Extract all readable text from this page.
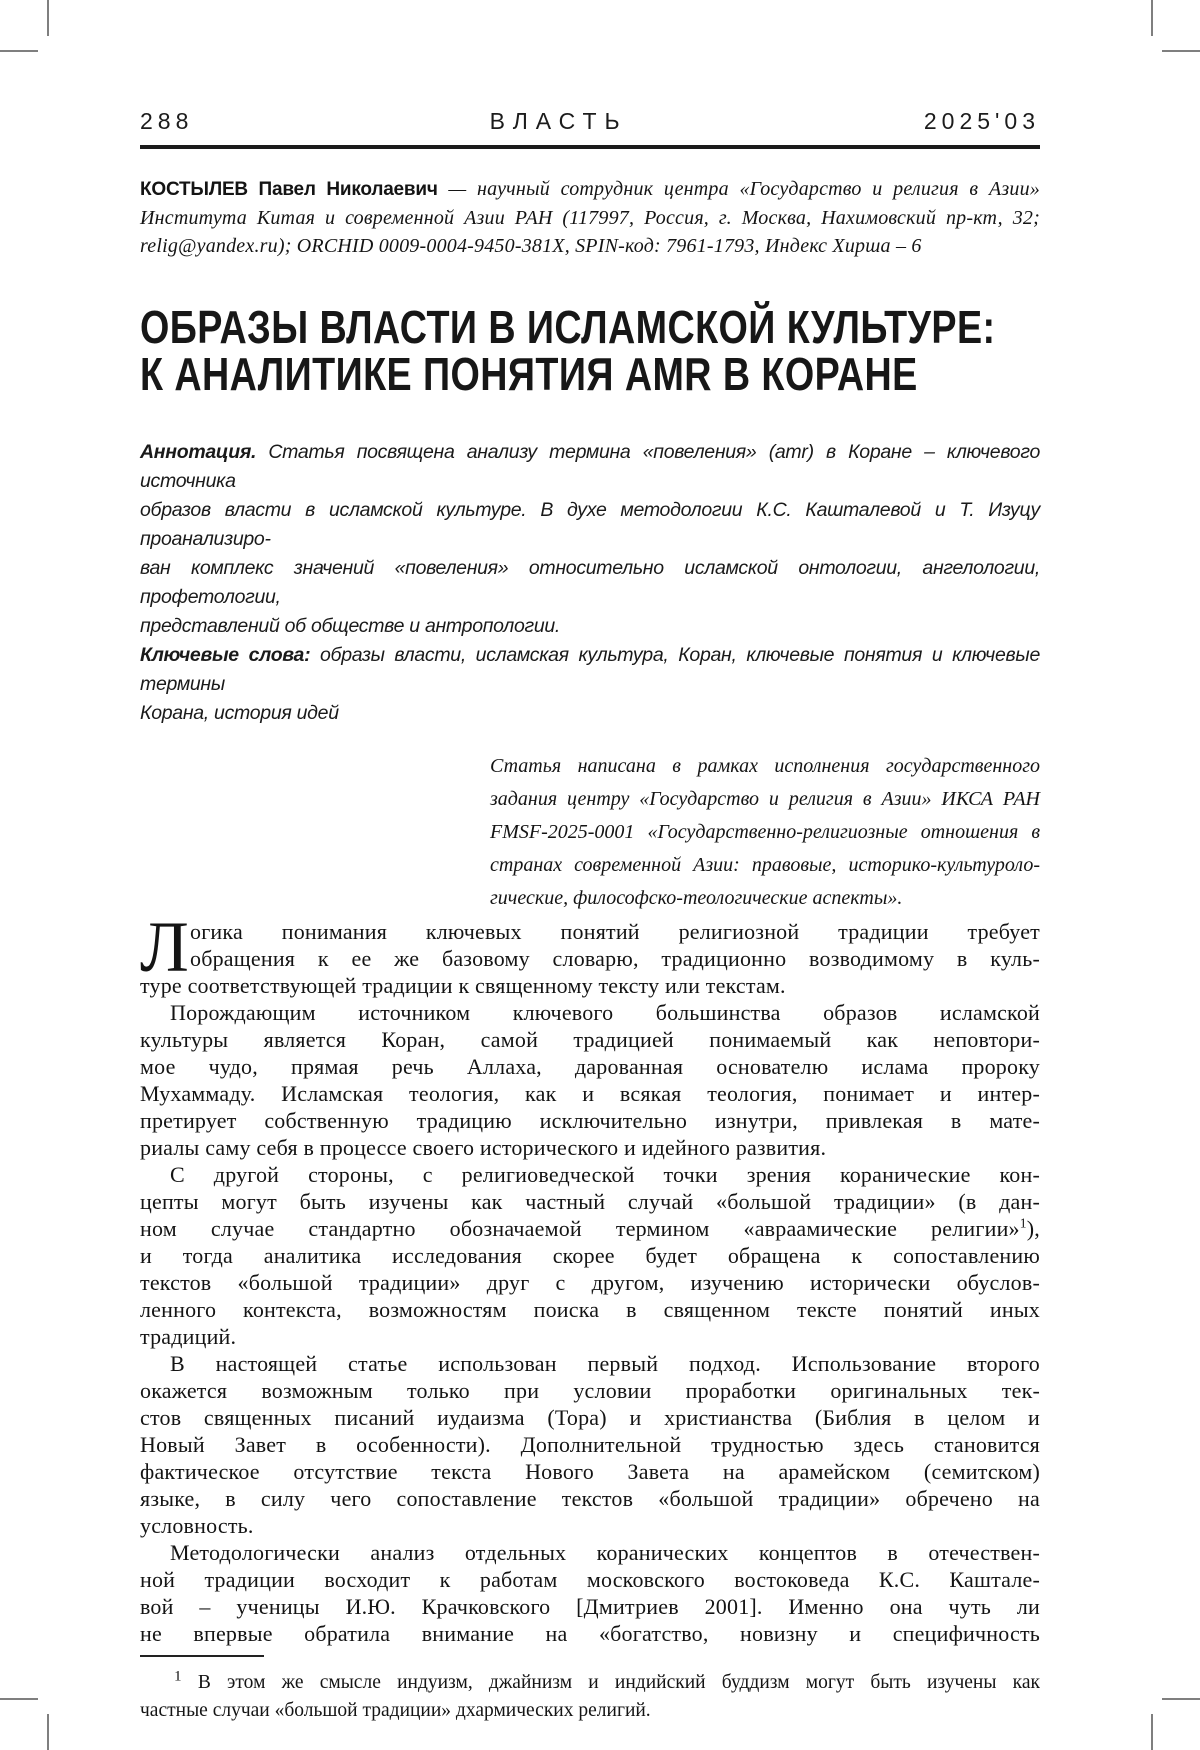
288	ВЛАСТЬ	2025'03
КОСТЫЛЕВ Павел Николаевич — научный сотрудник центра «Государство и религия в Азии»
Института Китая и современной Азии РАН (117997, Россия, г. Москва, Нахимовский пр-кт, 32;
relig@yandex.ru); ORCHID 0009-0004-9450-381X, SPIN-код: 7961-1793, Индекс Хирша – 6
ОБРАЗЫ ВЛАСТИ В ИСЛАМСКОЙ КУЛЬТУРЕ:
К АНАЛИТИКЕ ПОНЯТИЯ AMR В КОРАНЕ
Аннотация. Статья посвящена анализу термина «повеления» (amr) в Коране – ключевого источника
образов власти в исламской культуре. В духе методологии К.С. Кашталевой и Т. Изуцу проанализиро-
ван комплекс значений «повеления» относительно исламской онтологии, ангелологии, профетологии,
представлений об обществе и антропологии.
Ключевые слова: образы власти, исламская культура, Коран, ключевые понятия и ключевые термины
Корана, история идей
Статья написана в рамках исполнения государственного
задания центру «Государство и религия в Азии» ИКСА РАН
FMSF-2025-0001 «Государственно-религиозные отношения в
странах современной Азии: правовые, историко-культуроло-
гические, философско-теологические аспекты».
Л огика понимания ключевых понятий религиозной традиции требует
обращения к ее же базовому словарю, традиционно возводимому в куль-
туре соответствующей традиции к священному тексту или текстам.
Порождающим источником ключевого большинства образов исламской
культуры является Коран, самой традицией понимаемый как неповтори-
мое чудо, прямая речь Аллаха, дарованная основателю ислама пророку
Мухаммаду. Исламская теология, как и всякая теология, понимает и интер-
претирует собственную традицию исключительно изнутри, привлекая в мате-
риалы саму себя в процессе своего исторического и идейного развития.
С другой стороны, с религиоведческой точки зрения коранические кон-
цепты могут быть изучены как частный случай «большой традиции» (в дан-
ном случае стандартно обозначаемой термином «авраамические религии»$^1$),
и тогда аналитика исследования скорее будет обращена к сопоставлению
текстов «большой традиции» друг с другом, изучению исторически обуслов-
ленного контекста, возможностям поиска в священном тексте понятий иных
традиций.
В настоящей статье использован первый подход. Использование второго
окажется возможным только при условии проработки оригинальных тек-
стов священных писаний иудаизма (Тора) и христианства (Библия в целом и
Новый Завет в особенности). Дополнительной трудностью здесь становится
фактическое отсутствие текста Нового Завета на арамейском (семитском)
языке, в силу чего сопоставление текстов «большой традиции» обречено на
условность.
Методологически анализ отдельных коранических концептов в отечествен-
ной традиции восходит к работам московского востоковеда К.С. Каштале-
вой – ученицы И.Ю. Крачковского [Дмитриев 2001]. Именно она чуть ли
не впервые обратила внимание на «богатство, новизну и специфичность
$^1$ В этом же смысле индуизм, джайнизм и индийский буддизм могут быть изучены как
частные случаи «большой традиции» дхармических религий.
